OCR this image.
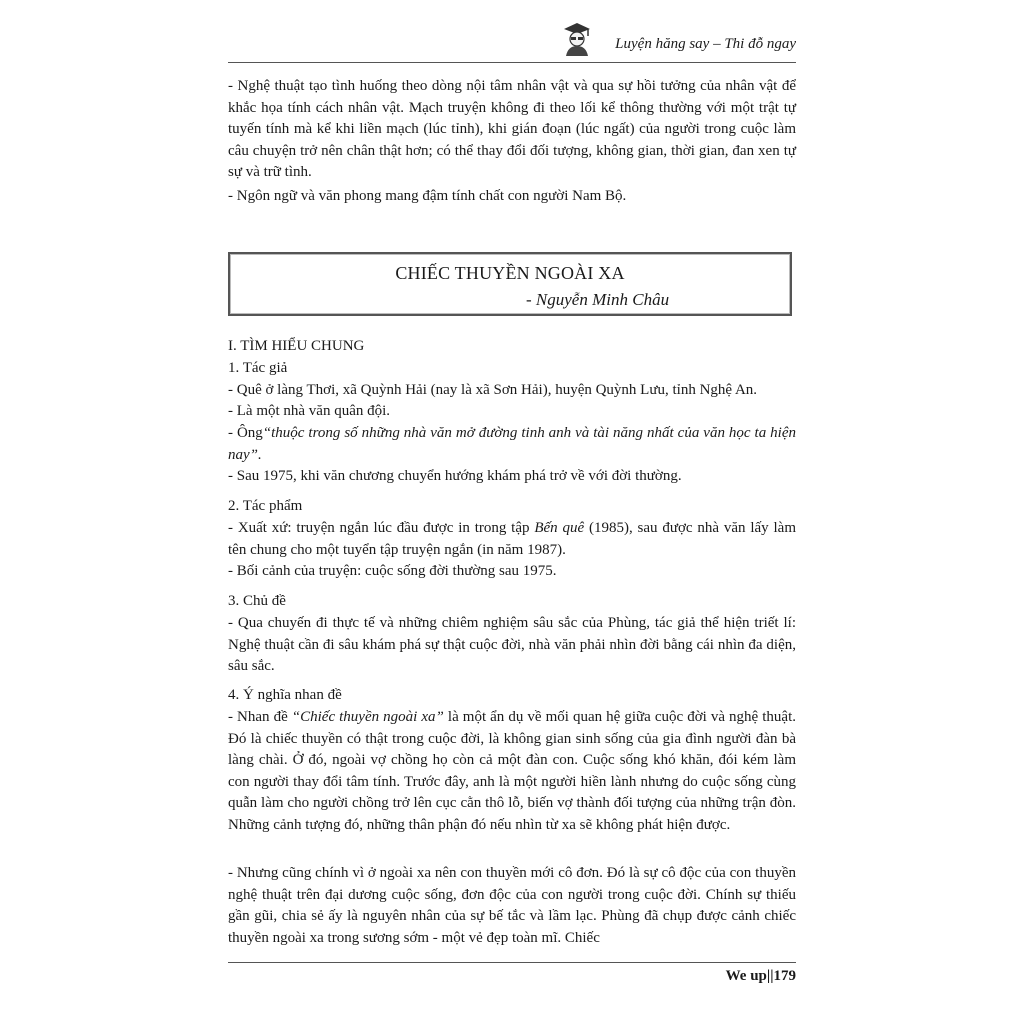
Luyện hăng say – Thi đỗ ngay

- Nghệ thuật tạo tình huống theo dòng nội tâm nhân vật và qua sự hồi tưởng của nhân vật để khắc họa tính cách nhân vật. Mạch truyện không đi theo lối kể thông thường với một trật tự tuyến tính mà kể khi liền mạch (lúc tỉnh), khi gián đoạn (lúc ngất) của người trong cuộc làm câu chuyện trở nên chân thật hơn; có thể thay đổi đối tượng, không gian, thời gian, đan xen tự sự và trữ tình.

- Ngôn ngữ và văn phong mang đậm tính chất con người Nam Bộ.

CHIẾC THUYỀN NGOÀI XA
- Nguyễn Minh Châu
I. TÌM HIỂU CHUNG
1. Tác giả

- Quê ở làng Thơi, xã Quỳnh Hải (nay là xã Sơn Hải), huyện Quỳnh Lưu, tỉnh Nghệ An.

- Là một nhà văn quân đội.

- Ông“thuộc trong số những nhà văn mở đường tinh anh và tài năng nhất của văn học ta hiện nay”.

- Sau 1975, khi văn chương chuyển hướng khám phá trở về với đời thường.

2. Tác phẩm

- Xuất xứ: truyện ngắn lúc đầu được in trong tập Bến quê (1985), sau được nhà văn lấy làm tên chung cho một tuyển tập truyện ngắn (in năm 1987).

- Bối cảnh của truyện: cuộc sống đời thường sau 1975.

3. Chủ đề

- Qua chuyến đi thực tế và những chiêm nghiệm sâu sắc của Phùng, tác giả thể hiện triết lí: Nghệ thuật cần đi sâu khám phá sự thật cuộc đời, nhà văn phải nhìn đời bằng cái nhìn đa diện, sâu sắc.

4. Ý nghĩa nhan đề

- Nhan đề “Chiếc thuyền ngoài xa” là một ẩn dụ về mối quan hệ giữa cuộc đời và nghệ thuật. Đó là chiếc thuyền có thật trong cuộc đời, là không gian sinh sống của gia đình người đàn bà làng chài. Ở đó, ngoài vợ chồng họ còn cả một đàn con. Cuộc sống khó khăn, đói kém làm con người thay đổi tâm tính. Trước đây, anh là một người hiền lành nhưng do cuộc sống cùng quẫn làm cho người chồng trở lên cục cằn thô lỗ, biến vợ thành đối tượng của những trận đòn. Những cảnh tượng đó, những thân phận đó nếu nhìn từ xa sẽ không phát hiện được.

- Nhưng cũng chính vì ở ngoài xa nên con thuyền mới cô đơn. Đó là sự cô độc của con thuyền nghệ thuật trên đại dương cuộc sống, đơn độc của con người trong cuộc đời. Chính sự thiếu gần gũi, chia sẻ ấy là nguyên nhân của sự bế tắc và lầm lạc. Phùng đã chụp được cảnh chiếc thuyền ngoài xa trong sương sớm - một vẻ đẹp toàn mĩ. Chiếc

We up||179
